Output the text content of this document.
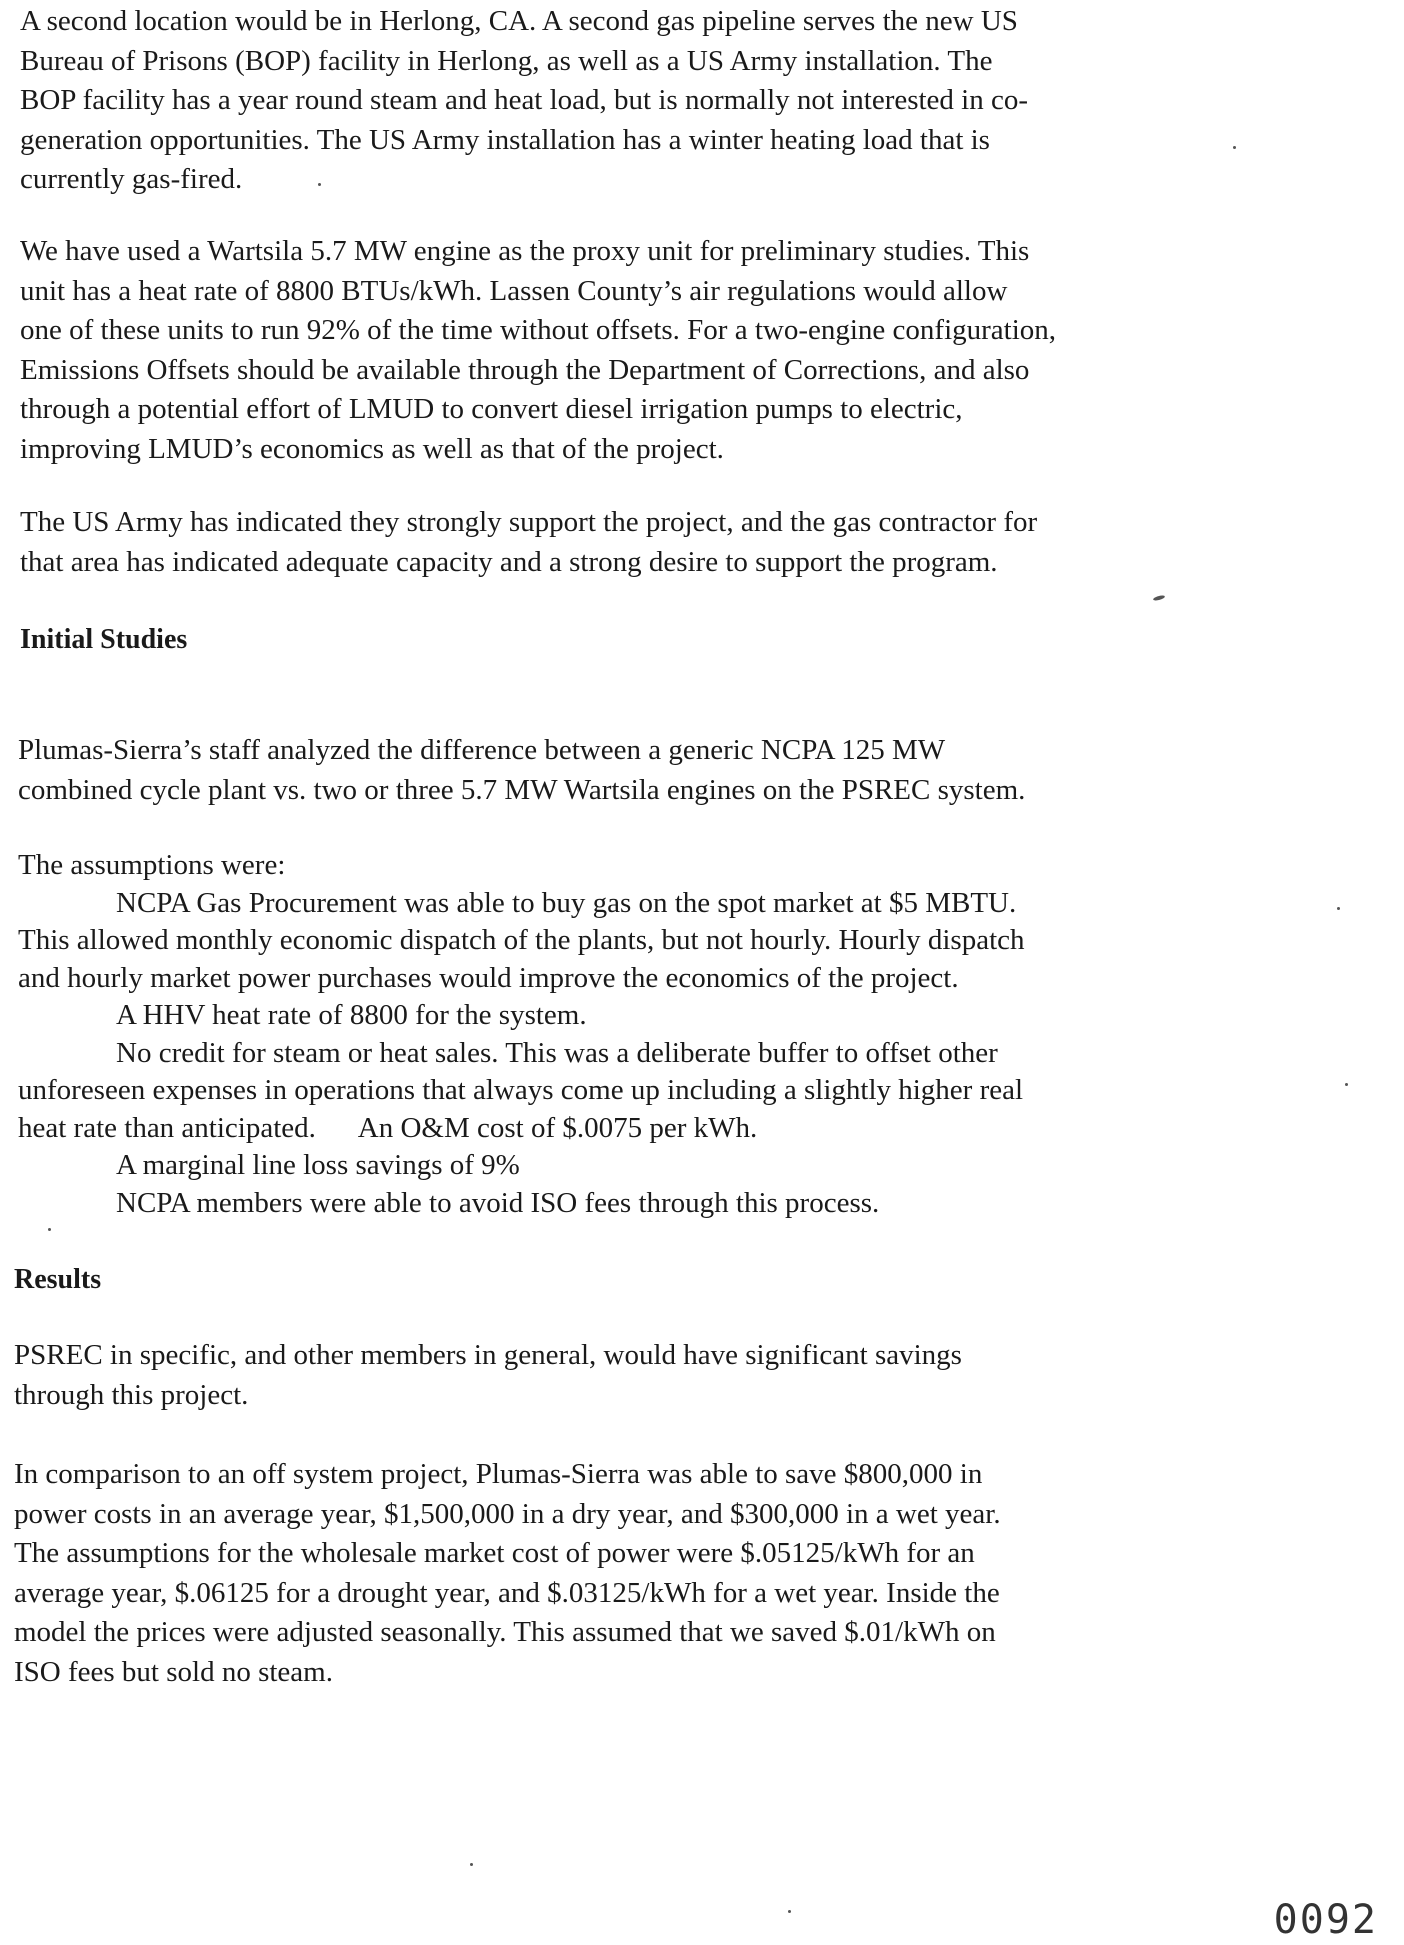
A second location would be in Herlong, CA. A second gas pipeline serves the new US
Bureau of Prisons (BOP) facility in Herlong, as well as a US Army installation. The
BOP facility has a year round steam and heat load, but is normally not interested in co-
generation opportunities. The US Army installation has a winter heating load that is
currently gas-fired.

We have used a Wartsila 5.7 MW engine as the proxy unit for preliminary studies. This
unit has a heat rate of 8800 BTUs/kWh. Lassen County’s air regulations would allow
one of these units to run 92% of the time without offsets. For a two-engine configuration,
Emissions Offsets should be available through the Department of Corrections, and also
through a potential effort of LMUD to convert diesel irrigation pumps to electric,
improving LMUD’s economics as well as that of the project.

The US Army has indicated they strongly support the project, and the gas contractor for
that area has indicated adequate capacity and a strong desire to support the program.

Initial Studies

Plumas-Sierra’s staff analyzed the difference between a generic NCPA 125 MW
combined cycle plant vs. two or three 5.7 MW Wartsila engines on the PSREC system.

The assumptions were:
NCPA Gas Procurement was able to buy gas on the spot market at $5 MBTU.
This allowed monthly economic dispatch of the plants, but not hourly. Hourly dispatch
and hourly market power purchases would improve the economics of the project.
A HHV heat rate of 8800 for the system.
No credit for steam or heat sales. This was a deliberate buffer to offset other
unforeseen expenses in operations that always come up including a slightly higher real
heat rate than anticipated.      An O&M cost of $.0075 per kWh.
A marginal line loss savings of 9%
NCPA members were able to avoid ISO fees through this process.

Results

PSREC in specific, and other members in general, would have significant savings
through this project.

In comparison to an off system project, Plumas-Sierra was able to save $800,000 in
power costs in an average year, $1,500,000 in a dry year, and $300,000 in a wet year.
The assumptions for the wholesale market cost of power were $.05125/kWh for an
average year, $.06125 for a drought year, and $.03125/kWh for a wet year. Inside the
model the prices were adjusted seasonally. This assumed that we saved $.01/kWh on
ISO fees but sold no steam.

0092
